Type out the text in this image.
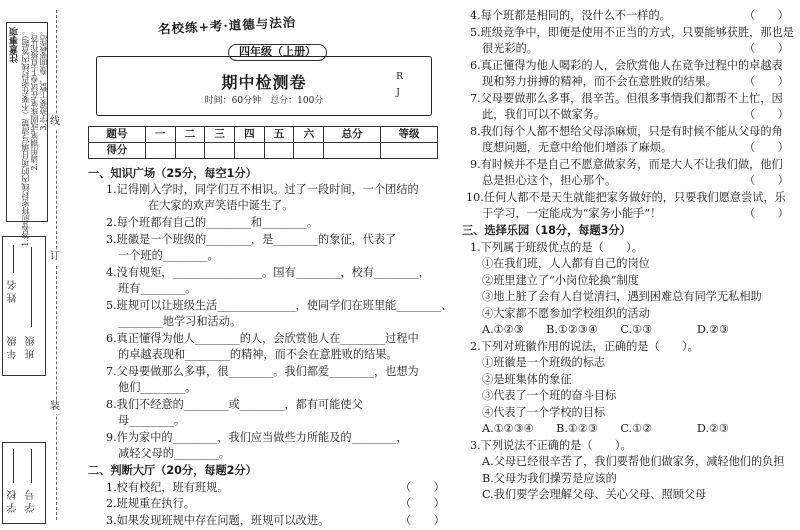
注意事项 1.答卷前将密封线内的项目填写清楚（不要在密封线内答题）。 2.请用钢笔或圆珠笔在试卷上直接作答。 3.字迹要工整，卷面要整洁。 线
订
装
年级 班级
姓名
学校 学号
名校练+考·道德与法治
期中检测卷
时间：60分钟　总分：100分
R
J
四年级（上册）
题号	一	二	三	四	五	六	总分	等级
得分								
一、知识广场（25分，每空1分）
1.记得刚入学时，同学们互不相识。过了一段时间，一个团结的
在大家的欢声笑语中诞生了。
2.每个班都有自己的________和________。
3.班徽是一个班级的________，是________的象征，代表了
一个班的________。
4.没有规矩，________________。国有________，校有________，
班有________。
5.班规可以让班级生活______________，使同学们在班里能________、
________地学习和活动。
6.真正懂得为他人________的人，会欣赏他人在________过程中
的卓越表现和________的精神，而不会在意胜败的结果。
7.父母要做那么多事，很________。我们都爱________，也想为
他们________。
8.我们不经意的________或________，都有可能使父
母________。
9.作为家中的________，我们应当做些力所能及的________，
减轻父母的________。
二、判断大厅（20分，每题2分）
1.校有校纪，班有班规。	（　　）
2.班规重在执行。	（　　）
3.如果发现班规中存在问题，班规可以改进。	（　　）
4.每个班都是相同的，没什么不一样的。	（　　）
5.班级竞争中，即便是使用不正当的方式，只要能够获胜，那也是
很光彩的。	（　　）
6.真正懂得为他人喝彩的人，会欣赏他人在竞争过程中的卓越表
现和努力拼搏的精神，而不会在意胜败的结果。 （　　）
7.父母要做那么多事，很辛苦。但很多事情我们都帮不上忙，因
此，我们可以不做家务。	（　　）
8.我们每个人都不想给父母添麻烦，只是有时候不能从父母的角
度想问题，无意中给他们增添了麻烦。	（　　）
9.有时候并不是自己不愿意做家务，而是大人不让我们做，他们
总是担心这个，担心那个。	（　　）
10.任何人都不是天生就能把家务做好的，只要我们愿意尝试，乐
于学习，一定能成为“家务小能手”！	（　　）
三、选择乐园（18分，每题3分）
1.下列属于班级优点的是（　　）。
①在我们班，人人都有自己的岗位
②班里建立了“小岗位轮换”制度
③地上脏了会有人自觉清扫，遇到困难总有同学无私相助
④大家都不愿参加学校组织的活动
A.①②③　　B.①②③④　　C.①③　　　　D.②③
2.下列对班徽作用的说法，正确的是（　　）。
①班徽是一个班级的标志
②是班集体的象征
③代表了一个班的奋斗目标
④代表了一个学校的目标
A.①②③④　　B.①②③　　C.①②　　　　D.②③
3.下列说法不正确的是（　　）。
A.父母已经很辛苦了，我们要帮他们做家务，减轻他们的负担
B.父母为我们操劳是应该的
C.我们要学会理解父母、关心父母、照顾父母
